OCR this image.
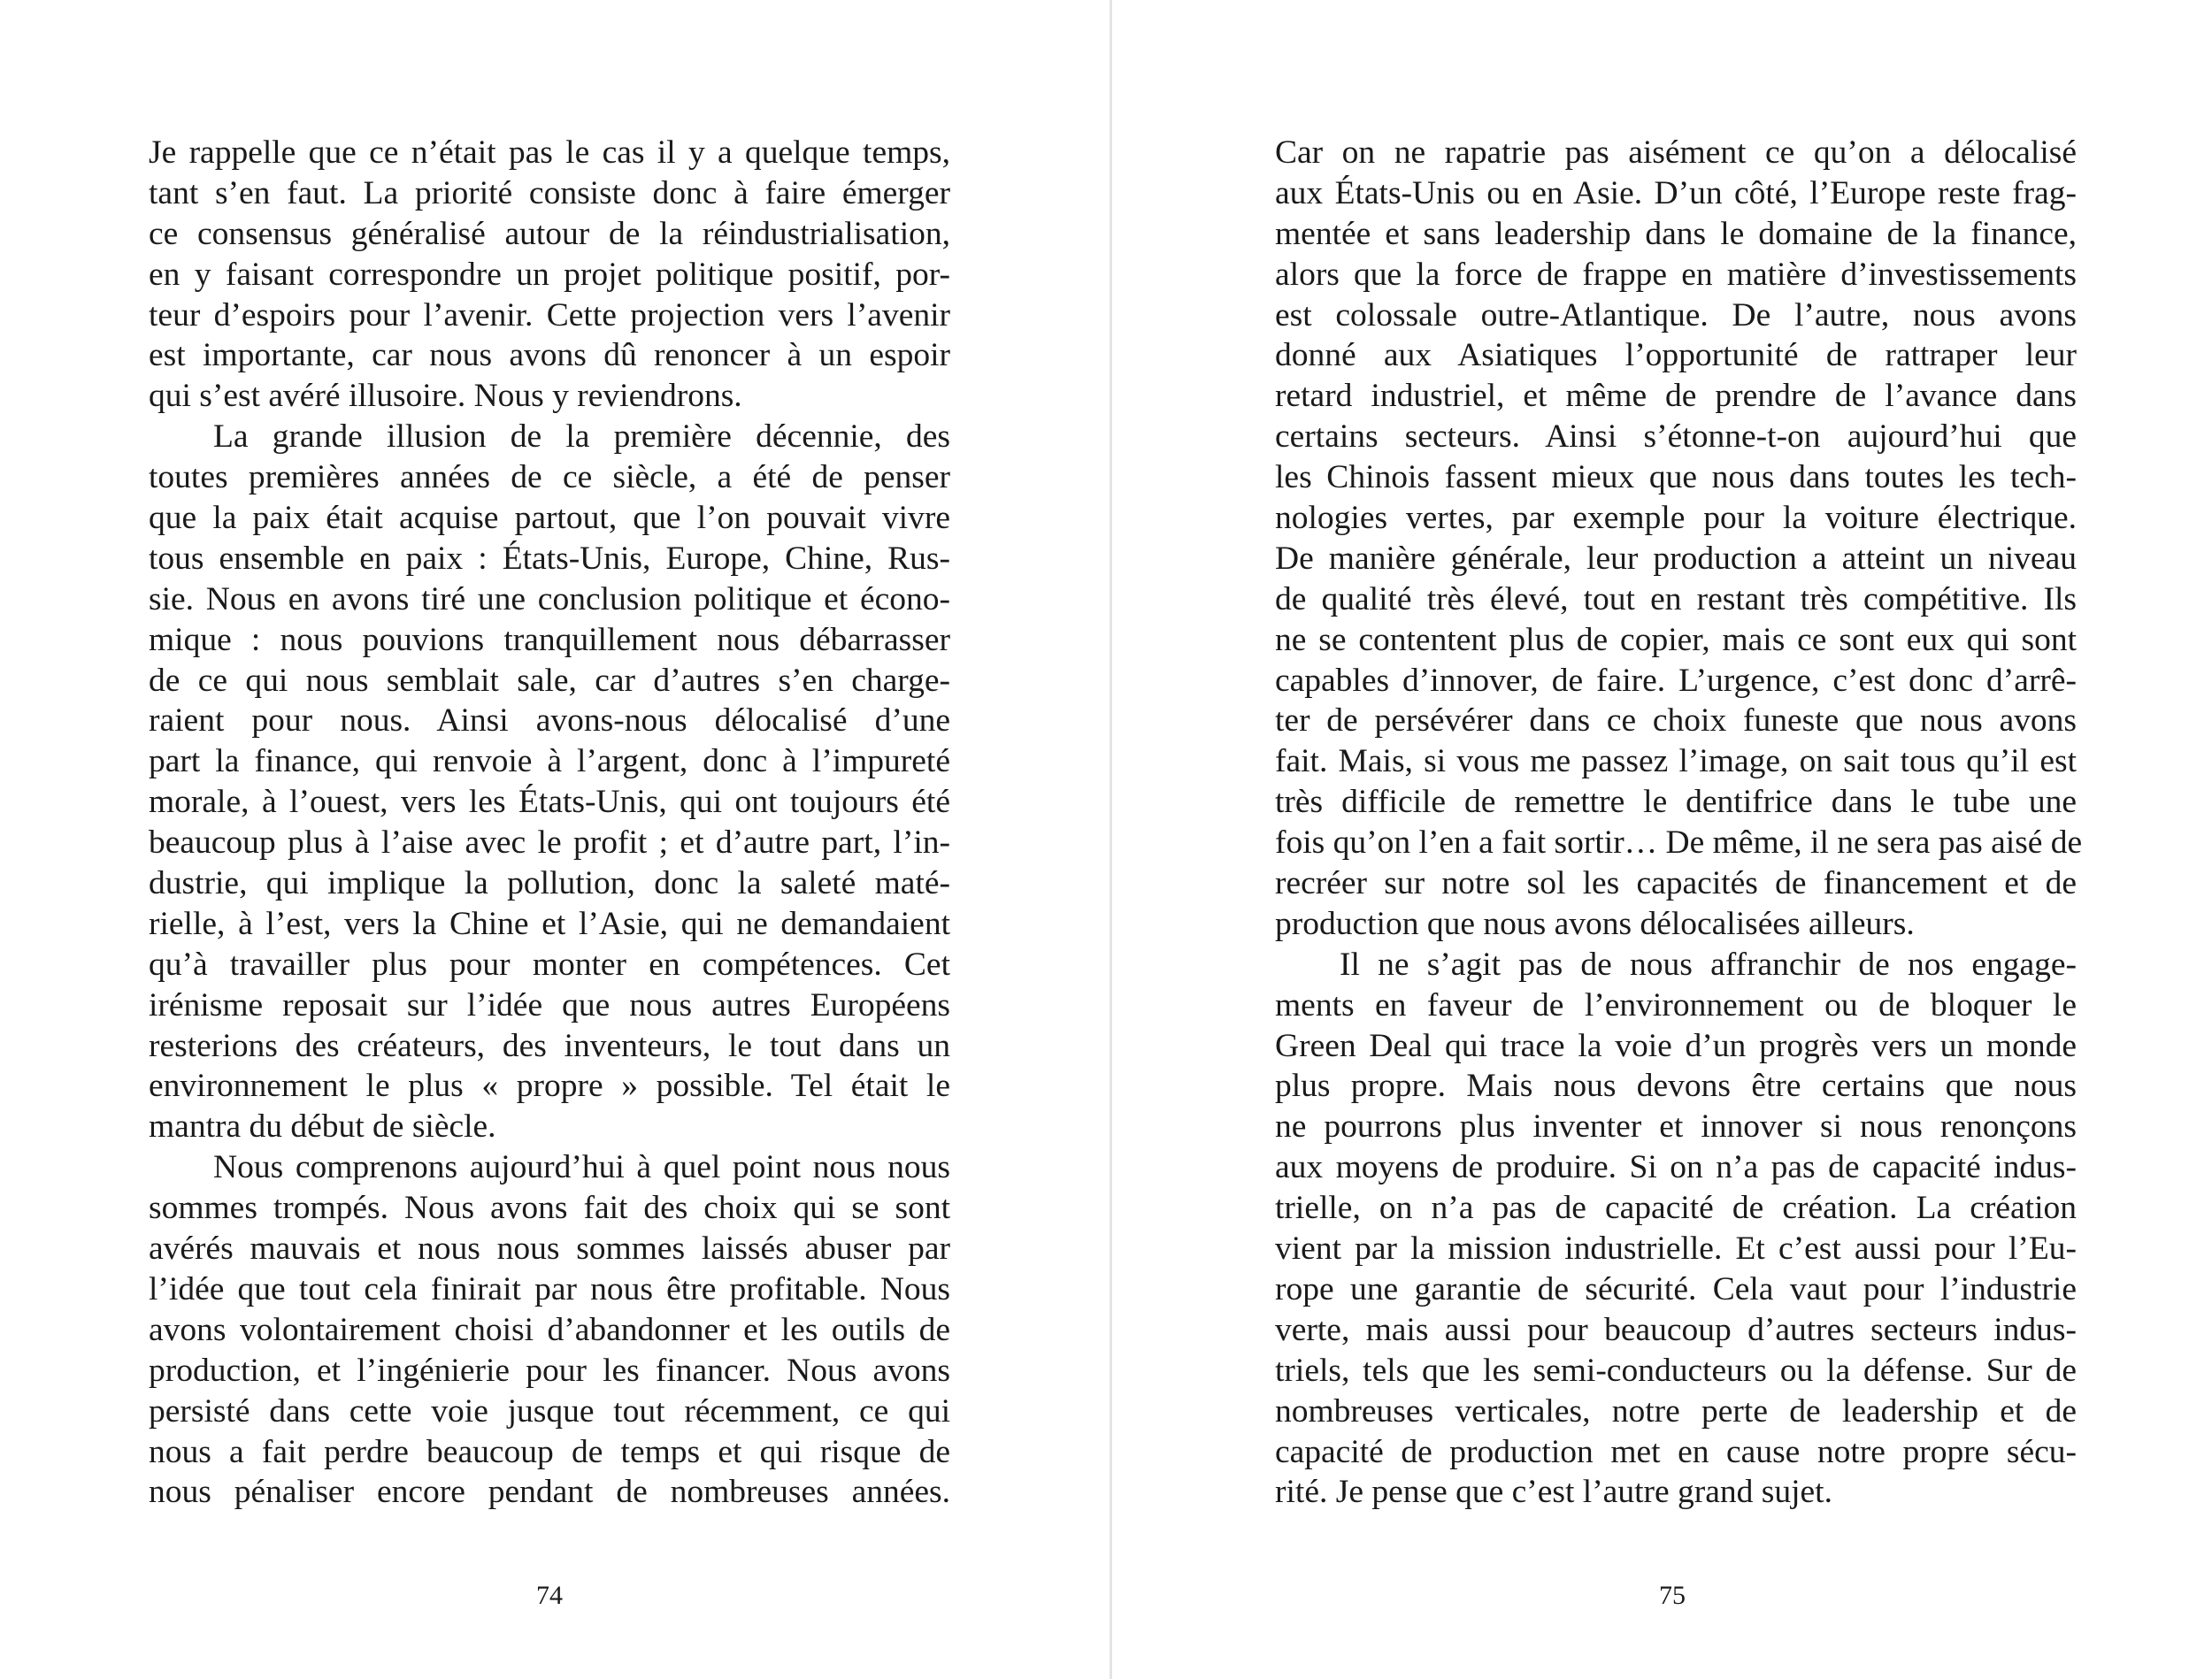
Je rappelle que ce n’était pas le cas il y a quelque temps,
tant s’en faut. La priorité consiste donc à faire émerger
ce consensus généralisé autour de la réindustrialisation,
en y faisant correspondre un projet politique positif, por-
teur d’espoirs pour l’avenir. Cette projection vers l’avenir
est importante, car nous avons dû renoncer à un espoir
qui s’est avéré illusoire. Nous y reviendrons.
La grande illusion de la première décennie, des
toutes premières années de ce siècle, a été de penser
que la paix était acquise partout, que l’on pouvait vivre
tous ensemble en paix : États-Unis, Europe, Chine, Rus-
sie. Nous en avons tiré une conclusion politique et écono-
mique : nous pouvions tranquillement nous débarrasser
de ce qui nous semblait sale, car d’autres s’en charge-
raient pour nous. Ainsi avons-nous délocalisé d’une
part la finance, qui renvoie à l’argent, donc à l’impureté
morale, à l’ouest, vers les États-Unis, qui ont toujours été
beaucoup plus à l’aise avec le profit ; et d’autre part, l’in-
dustrie, qui implique la pollution, donc la saleté maté-
rielle, à l’est, vers la Chine et l’Asie, qui ne demandaient
qu’à travailler plus pour monter en compétences. Cet
irénisme reposait sur l’idée que nous autres Européens
resterions des créateurs, des inventeurs, le tout dans un
environnement le plus « propre » possible. Tel était le
mantra du début de siècle.
Nous comprenons aujourd’hui à quel point nous nous
sommes trompés. Nous avons fait des choix qui se sont
avérés mauvais et nous nous sommes laissés abuser par
l’idée que tout cela finirait par nous être profitable. Nous
avons volontairement choisi d’abandonner et les outils de
production, et l’ingénierie pour les financer. Nous avons
persisté dans cette voie jusque tout récemment, ce qui
nous a fait perdre beaucoup de temps et qui risque de
nous pénaliser encore pendant de nombreuses années.
74
Car on ne rapatrie pas aisément ce qu’on a délocalisé
aux États-Unis ou en Asie. D’un côté, l’Europe reste frag-
mentée et sans leadership dans le domaine de la finance,
alors que la force de frappe en matière d’investissements
est colossale outre-Atlantique. De l’autre, nous avons
donné aux Asiatiques l’opportunité de rattraper leur
retard industriel, et même de prendre de l’avance dans
certains secteurs. Ainsi s’étonne-t-on aujourd’hui que
les Chinois fassent mieux que nous dans toutes les tech-
nologies vertes, par exemple pour la voiture électrique.
De manière générale, leur production a atteint un niveau
de qualité très élevé, tout en restant très compétitive. Ils
ne se contentent plus de copier, mais ce sont eux qui sont
capables d’innover, de faire. L’urgence, c’est donc d’arrê-
ter de persévérer dans ce choix funeste que nous avons
fait. Mais, si vous me passez l’image, on sait tous qu’il est
très difficile de remettre le dentifrice dans le tube une
fois qu’on l’en a fait sortir… De même, il ne sera pas aisé de
recréer sur notre sol les capacités de financement et de
production que nous avons délocalisées ailleurs.
Il ne s’agit pas de nous affranchir de nos engage-
ments en faveur de l’environnement ou de bloquer le
Green Deal qui trace la voie d’un progrès vers un monde
plus propre. Mais nous devons être certains que nous
ne pourrons plus inventer et innover si nous renonçons
aux moyens de produire. Si on n’a pas de capacité indus-
trielle, on n’a pas de capacité de création. La création
vient par la mission industrielle. Et c’est aussi pour l’Eu-
rope une garantie de sécurité. Cela vaut pour l’industrie
verte, mais aussi pour beaucoup d’autres secteurs indus-
triels, tels que les semi-conducteurs ou la défense. Sur de
nombreuses verticales, notre perte de leadership et de
capacité de production met en cause notre propre sécu-
rité. Je pense que c’est l’autre grand sujet.
75
